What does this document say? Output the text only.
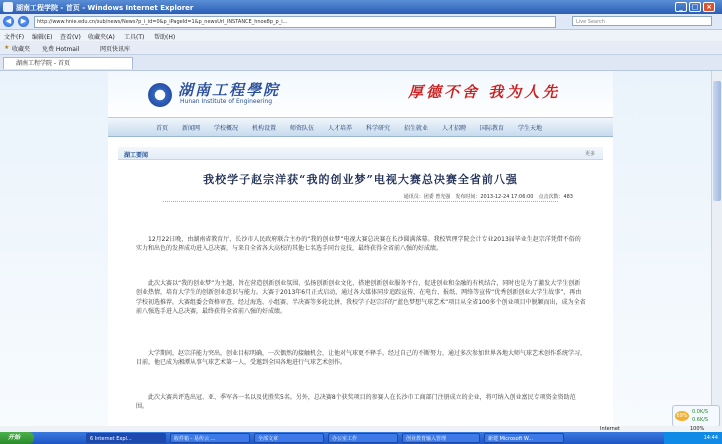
湖南工程学院 - 首页 - Windows Internet Explorer	_	□	×
◀	▶	http://www.hnie.edu.cn/sub/news/News?p_i_id=0&p_iPageId=1&p_newsUrl_INSTANCE_hnoe8p_p_i...	Live Search
文件(F) 编辑(E) 查看(V) 收藏夹(A) 工具(T) 帮助(H)
★ 收藏夹 免费 Hotmail	网页快讯库
湖南工程学院 - 首页
湖南工程學院
Hunan Institute of Engineering
厚德不舍 我为人先
首页 新闻网 学校概况 机构设置 师资队伍 人才培养 科学研究 招生就业 人才招聘 国际教育 学生天地
湖工要闻	更多
我校学子赵宗洋获“我的创业梦”电视大赛总决赛全省前八强
通讯员：团委 曾光强　发布时间：2013-12-24 17:06:00　点击次数：483
12月22日晚，由湖南省教育厅、长沙市人民政府联合主办的“我的创业梦”电视大赛总决赛在长沙圆满落幕。我校管理学院会计专业2013届毕业生赵宗洋凭借不俗的实力和出色的发挥成功进入总决赛，与来自全省各大高校的其他七名选手同台竞技，最终获得全省前八强的好成绩。
此次大赛以“我的创业梦”为主题，旨在营造创新创业氛围、弘扬创新创业文化、搭建创新创业服务平台，促进创业和金融的有机结合，同时也是为了激发大学生创新创业热情，培育大学生的创新创业意识与能力。大赛于2013年6月正式启动，通过各大媒体同步追踪宣传，在电台、报纸、网络等宣传“优秀创新创业大学生故事”，再由学校初选推荐，大赛组委会资格审查，经过海选、小组赛、半决赛等多轮比拼，我校学子赵宗洋的“蓝色梦想气球艺术”项目从全省100多个创业项目中脱颖而出，成为全省前八强选手进入总决赛，最终获得全省前八强的好成绩。
大学期间，赵宗洋能力突出，创业目标明确，一次偶然的接触机会，让他对气球更不释手。经过自己的不断努力，通过多次参加世界各地大师气球艺术创作系统学习，目前，他已成为湘潭从事气球艺术第一人，受邀到全国各地进行气球艺术创作。
此次大赛共评选出冠、亚、季军各一名以及优胜奖5名。另外，总决赛8个获奖项目的参赛人在长沙市工商部门注册成立的企业，将可纳入创业富民专项资金资助范围。
69%
0.0K/S
0.6K/S
Internet	100%
开始	6 Internet Expl...	收件箱 - 易传云 ...	全部文章	办公室工作	创业教育输入管理	新建 Microsoft W...	14:44
